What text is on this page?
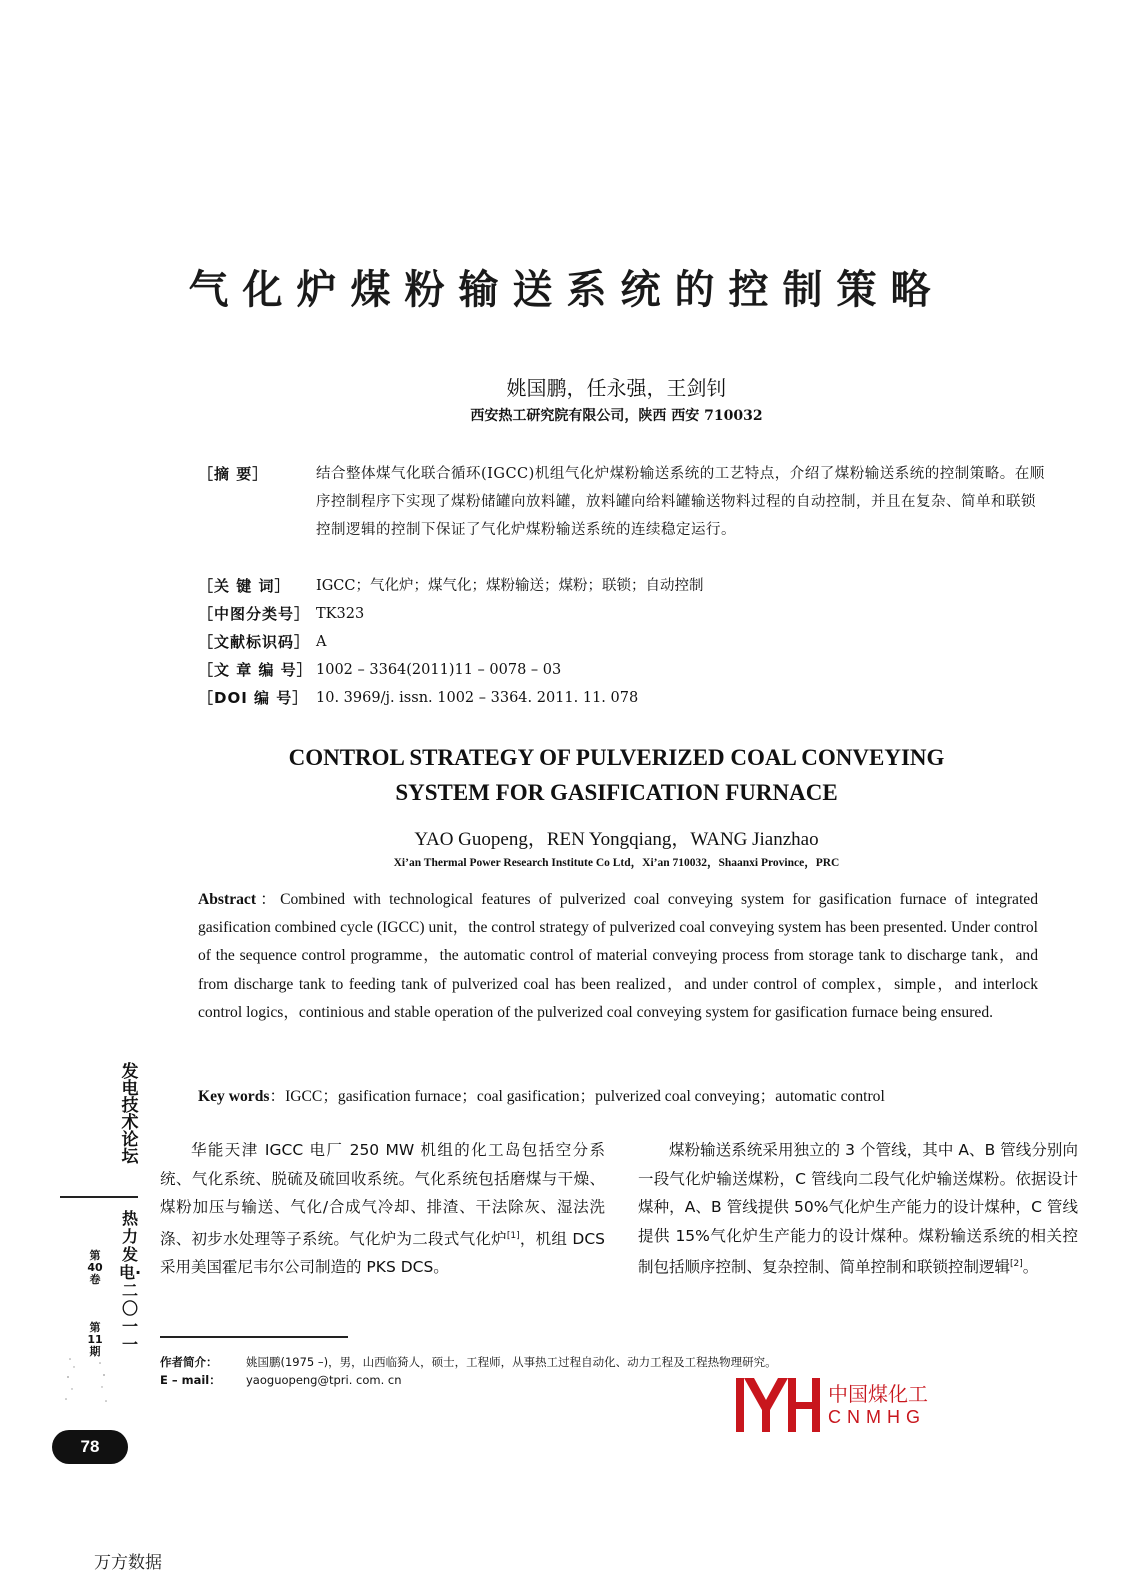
气化炉煤粉输送系统的控制策略
姚国鹏，任永强，王剑钊
西安热工研究院有限公司，陕西 西安 710032
［摘 要］	结合整体煤气化联合循环(IGCC)机组气化炉煤粉输送系统的工艺特点，介绍了煤粉输送系统的控制策略。在顺序控制程序下实现了煤粉储罐向放料罐，放料罐向给料罐输送物料过程的自动控制，并且在复杂、简单和联锁控制逻辑的控制下保证了气化炉煤粉输送系统的连续稳定运行。
［关 键 词］	IGCC；气化炉；煤气化；煤粉输送；煤粉；联锁；自动控制
［中图分类号］ TK323
［文献标识码］ A
［文 章 编 号］ 1002 – 3364(2011)11 – 0078 – 03
［DOI 编 号］ 10. 3969/j. issn. 1002 – 3364. 2011. 11. 078
CONTROL STRATEGY OF PULVERIZED COAL CONVEYING
SYSTEM FOR GASIFICATION FURNACE
YAO Guopeng，REN Yongqiang，WANG Jianzhao
Xi’an Thermal Power Research Institute Co Ltd，Xi’an 710032，Shaanxi Province，PRC
Abstract：Combined with technological features of pulverized coal conveying system for gasification furnace of integrated gasification combined cycle (IGCC) unit，the control strategy of pulverized coal conveying system has been presented. Under control of the sequence control programme，the automatic control of material conveying process from storage tank to discharge tank，and from discharge tank to feeding tank of pulverized coal has been realized，and under control of complex，simple，and interlock control logics，continious and stable operation of the pulverized coal conveying system for gasification furnace being ensured.
Key words：IGCC；gasification furnace；coal gasification；pulverized coal conveying；automatic control
华能天津 IGCC 电厂 250 MW 机组的化工岛包括空分系统、气化系统、脱硫及硫回收系统。气化系统包括磨煤与干燥、煤粉加压与输送、气化/合成气冷却、排渣、干法除灰、湿法洗涤、初步水处理等子系统。气化炉为二段式气化炉[1]，机组 DCS 采用美国霍尼韦尔公司制造的 PKS DCS。
煤粉输送系统采用独立的 3 个管线，其中 A、B 管线分别向一段气化炉输送煤粉，C 管线向二段气化炉输送煤粉。依据设计煤种，A、B 管线提供 50%气化炉生产能力的设计煤种，C 管线提供 15%气化炉生产能力的设计煤种。煤粉输送系统的相关控制包括顺序控制、复杂控制、简单控制和联锁控制逻辑[2]。
作者简介： 姚国鹏(1975 –)，男，山西临猗人，硕士，工程师，从事热工过程自动化、动力工程及工程热物理研究。
E – mail： yaoguopeng@tpri. com. cn
发电技术论坛
热力发电·二〇一一
第40卷
第11期
78
中国煤化工
CNMHG
万方数据
